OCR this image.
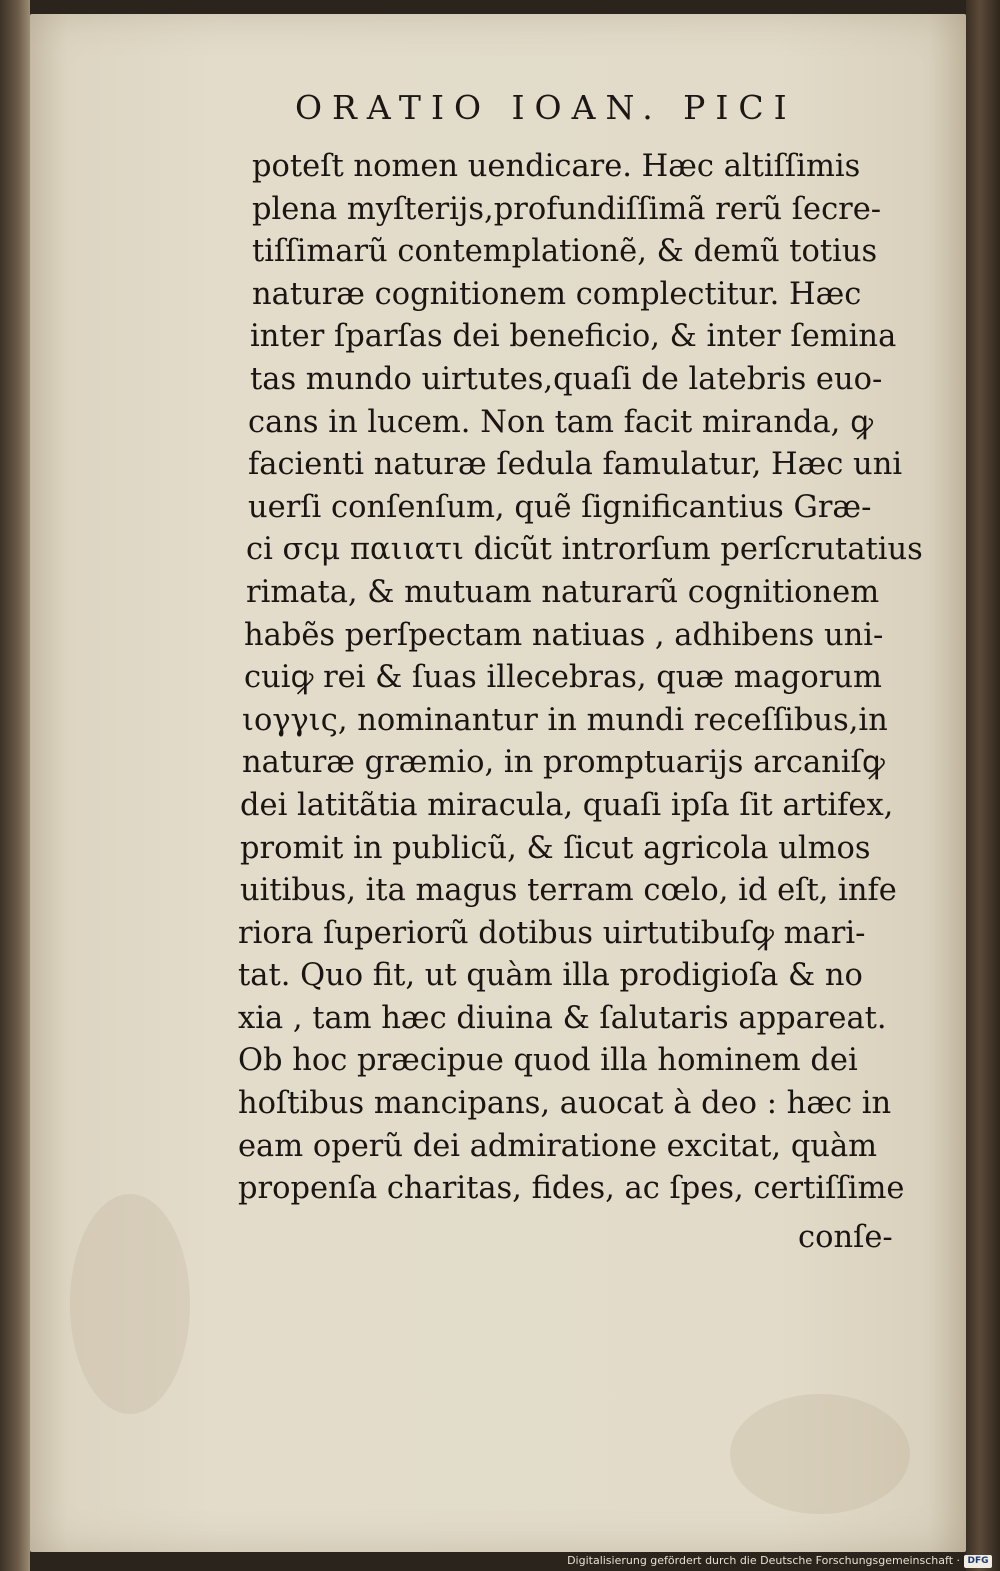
ORATIO IOAN. PICI
poteſt nomen uendicare. Hæc altiſſimis
plena myſterijs,profundiſſimã rerũ ſecre‐
tiſſimarũ contemplationẽ, & demũ totius
naturæ cognitionem complectitur. Hæc
inter ſparſas dei beneficio, & inter ſemina
tas mundo uirtutes,quaſi de latebris euo‐
cans in lucem. Non tam facit miranda, ꝙ
facienti naturæ ſedula famulatur, Hæc uni
uerſi conſenſum, quẽ ſignificantius Græ‐
ci σcμ παιιατι dicũt introrſum perſcrutatius
rimata, & mutuam naturarũ cognitionem
habẽs perſpectam natiuas , adhibens uni‐
cuiꝙ rei & ſuas illecebras, quæ magorum
ιογγις, nominantur in mundi receſſibus,in
naturæ græmio, in promptuarijs arcaniſꝙ
dei latitãtia miracula, quaſi ipſa ſit artifex,
promit in publicũ, & ſicut agricola ulmos
uitibus, ita magus terram cœlo, id eſt, infe
riora ſuperiorũ dotibus uirtutibuſꝙ mari‐
tat. Quo fit, ut quàm illa prodigioſa & no
xia , tam hæc diuina & ſalutaris appareat.
Ob hoc præcipue quod illa hominem dei
hoſtibus mancipans, auocat à deo : hæc in
eam operũ dei admiratione excitat, quàm
propenſa charitas, fides, ac ſpes, certiſſime
conſe‐
Digitalisierung gefördert durch die Deutsche Forschungsgemeinschaft · DFG
